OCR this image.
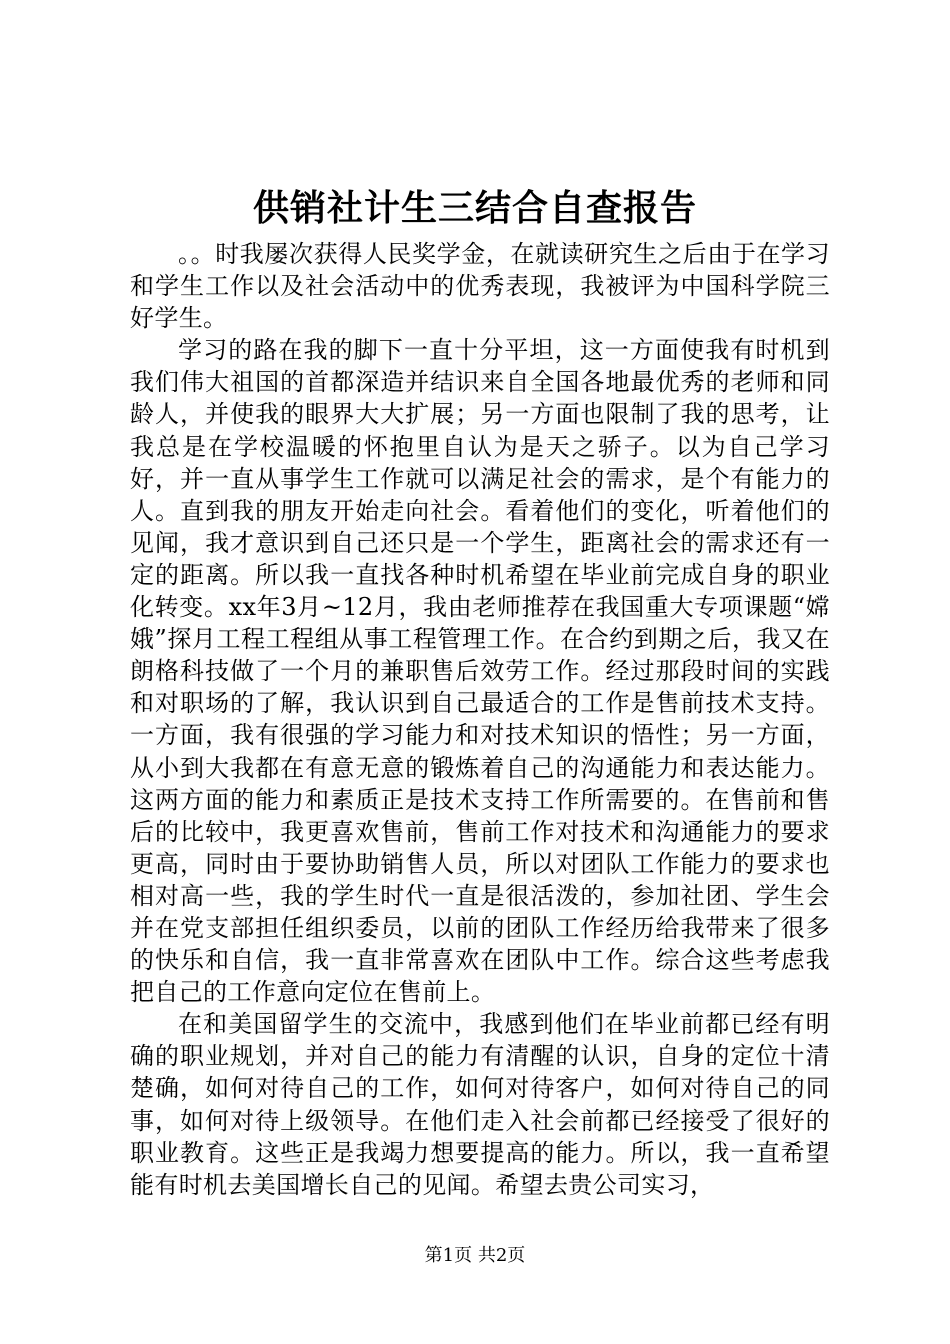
供销社计生三结合自查报告

。。时我屡次获得人民奖学金，在就读研究生之后由于在学习和学生工作以及社会活动中的优秀表现，我被评为中国科学院三好学生。

学习的路在我的脚下一直十分平坦，这一方面使我有时机到我们伟大祖国的首都深造并结识来自全国各地最优秀的老师和同龄人，并使我的眼界大大扩展；另一方面也限制了我的思考，让我总是在学校温暖的怀抱里自认为是天之骄子。以为自己学习好，并一直从事学生工作就可以满足社会的需求，是个有能力的人。直到我的朋友开始走向社会。看着他们的变化，听着他们的见闻，我才意识到自己还只是一个学生，距离社会的需求还有一定的距离。所以我一直找各种时机希望在毕业前完成自身的职业化转变。xx年3月~12月，我由老师推荐在我国重大专项课题“嫦娥”探月工程工程组从事工程管理工作。在合约到期之后，我又在朗格科技做了一个月的兼职售后效劳工作。经过那段时间的实践和对职场的了解，我认识到自己最适合的工作是售前技术支持。一方面，我有很强的学习能力和对技术知识的悟性；另一方面，从小到大我都在有意无意的锻炼着自己的沟通能力和表达能力。这两方面的能力和素质正是技术支持工作所需要的。在售前和售后的比较中，我更喜欢售前，售前工作对技术和沟通能力的要求更高，同时由于要协助销售人员，所以对团队工作能力的要求也相对高一些，我的学生时代一直是很活泼的，参加社团、学生会并在党支部担任组织委员，以前的团队工作经历给我带来了很多的快乐和自信，我一直非常喜欢在团队中工作。综合这些考虑我把自己的工作意向定位在售前上。

在和美国留学生的交流中，我感到他们在毕业前都已经有明确的职业规划，并对自己的能力有清醒的认识，自身的定位十清楚确，如何对待自己的工作，如何对待客户，如何对待自己的同事，如何对待上级领导。在他们走入社会前都已经接受了很好的职业教育。这些正是我竭力想要提高的能力。所以，我一直希望能有时机去美国增长自己的见闻。希望去贵公司实习，

第1页 共2页
